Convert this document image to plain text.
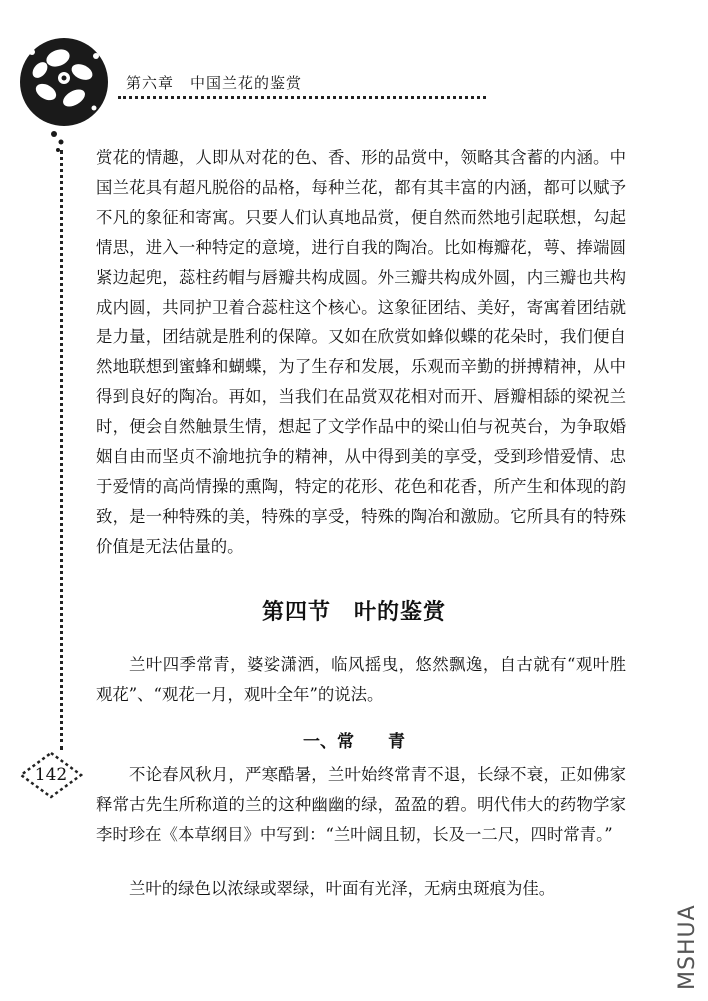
第六章　中国兰花的鉴赏

赏花的情趣，人即从对花的色、香、形的品赏中，领略其含蓄的内涵。中国兰花具有超凡脱俗的品格，每种兰花，都有其丰富的内涵，都可以赋予不凡的象征和寄寓。只要人们认真地品赏，便自然而然地引起联想，勾起情思，进入一种特定的意境，进行自我的陶冶。比如梅瓣花，萼、捧端圆紧边起兜，蕊柱药帽与唇瓣共构成圆。外三瓣共构成外圆，内三瓣也共构成内圆，共同护卫着合蕊柱这个核心。这象征团结、美好，寄寓着团结就是力量，团结就是胜利的保障。又如在欣赏如蜂似蝶的花朵时，我们便自然地联想到蜜蜂和蝴蝶，为了生存和发展，乐观而辛勤的拼搏精神，从中得到良好的陶冶。再如，当我们在品赏双花相对而开、唇瓣相舔的梁祝兰时，便会自然触景生情，想起了文学作品中的梁山伯与祝英台，为争取婚姻自由而坚贞不渝地抗争的精神，从中得到美的享受，受到珍惜爱情、忠于爱情的高尚情操的熏陶，特定的花形、花色和花香，所产生和体现的韵致，是一种特殊的美，特殊的享受，特殊的陶冶和激励。它所具有的特殊价值是无法估量的。

第四节　叶的鉴赏

兰叶四季常青，婆娑潇洒，临风摇曳，悠然飘逸，自古就有“观叶胜观花”、“观花一月，观叶全年”的说法。

一、常　　青

不论春风秋月，严寒酷暑，兰叶始终常青不退，长绿不衰，正如佛家释常古先生所称道的兰的这种幽幽的绿，盈盈的碧。明代伟大的药物学家李时珍在《本草纲目》中写到：“兰叶阔且韧，长及一二尺，四时常青。”

兰叶的绿色以浓绿或翠绿，叶面有光泽，无病虫斑痕为佳。

142
MSHUA
